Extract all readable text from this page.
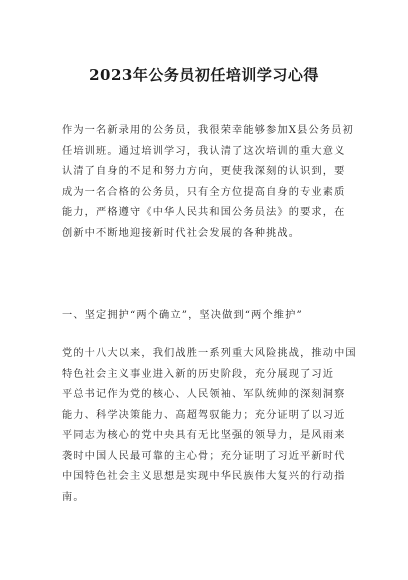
2023年公务员初任培训学习心得
作为一名新录用的公务员，我很荣幸能够参加X县公务员初
任培训班。通过培训学习，我认清了这次培训的重大意义
认清了自身的不足和努力方向，更使我深刻的认识到，要
成为一名合格的公务员，只有全方位提高自身的专业素质
能力，严格遵守《中华人民共和国公务员法》的要求，在
创新中不断地迎接新时代社会发展的各种挑战。
一、坚定拥护“两个确立”，坚决做到“两个维护”
党的十八大以来，我们战胜一系列重大风险挑战，推动中国
特色社会主义事业进入新的历史阶段，充分展现了习近
平总书记作为党的核心、人民领袖、军队统帅的深刻洞察
能力、科学决策能力、高超驾驭能力；充分证明了以习近
平同志为核心的党中央具有无比坚强的领导力，是风雨来
袭时中国人民最可靠的主心骨；充分证明了习近平新时代
中国特色社会主义思想是实现中华民族伟大复兴的行动指
南。
